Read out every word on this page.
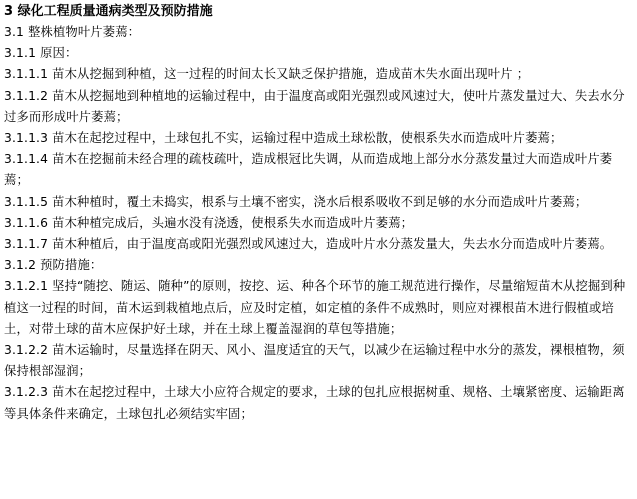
3 绿化工程质量通病类型及预防措施

3.1 整株植物叶片萎蔫：

3.1.1 原因：

3.1.1.1 苗木从挖掘到种植，这一过程的时间太长又缺乏保护措施，造成苗木失水面出现叶片 ；

3.1.1.2 苗木从挖掘地到种植地的运输过程中，由于温度高或阳光强烈或风速过大，使叶片蒸发量过大、失去水分过多而形成叶片萎蔫；

3.1.1.3 苗木在起挖过程中，土球包扎不实，运输过程中造成土球松散，使根系失水而造成叶片萎蔫；

3.1.1.4 苗木在挖掘前未经合理的疏枝疏叶，造成根冠比失调，从而造成地上部分水分蒸发量过大而造成叶片萎蔫；

3.1.1.5 苗木种植时，覆土未捣实，根系与土壤不密实，浇水后根系吸收不到足够的水分而造成叶片萎蔫；

3.1.1.6 苗木种植完成后，头遍水没有浇透，使根系失水而造成叶片萎蔫；

3.1.1.7 苗木种植后，由于温度高或阳光强烈或风速过大，造成叶片水分蒸发量大，失去水分而造成叶片萎蔫。

3.1.2 预防措施：

3.1.2.1 坚持“随挖、随运、随种”的原则，按挖、运、种各个环节的施工规范进行操作，尽量缩短苗木从挖掘到种植这一过程的时间，苗木运到栽植地点后，应及时定植，如定植的条件不成熟时，则应对裸根苗木进行假植或培土，对带土球的苗木应保护好土球，并在土球上覆盖湿润的草包等措施；

3.1.2.2 苗木运输时，尽量选择在阴天、风小、温度适宜的天气，以减少在运输过程中水分的蒸发，裸根植物，须保持根部湿润；

3.1.2.3 苗木在起挖过程中，土球大小应符合规定的要求，土球的包扎应根据树重、规格、土壤紧密度、运输距离等具体条件来确定，土球包扎必须结实牢固；
